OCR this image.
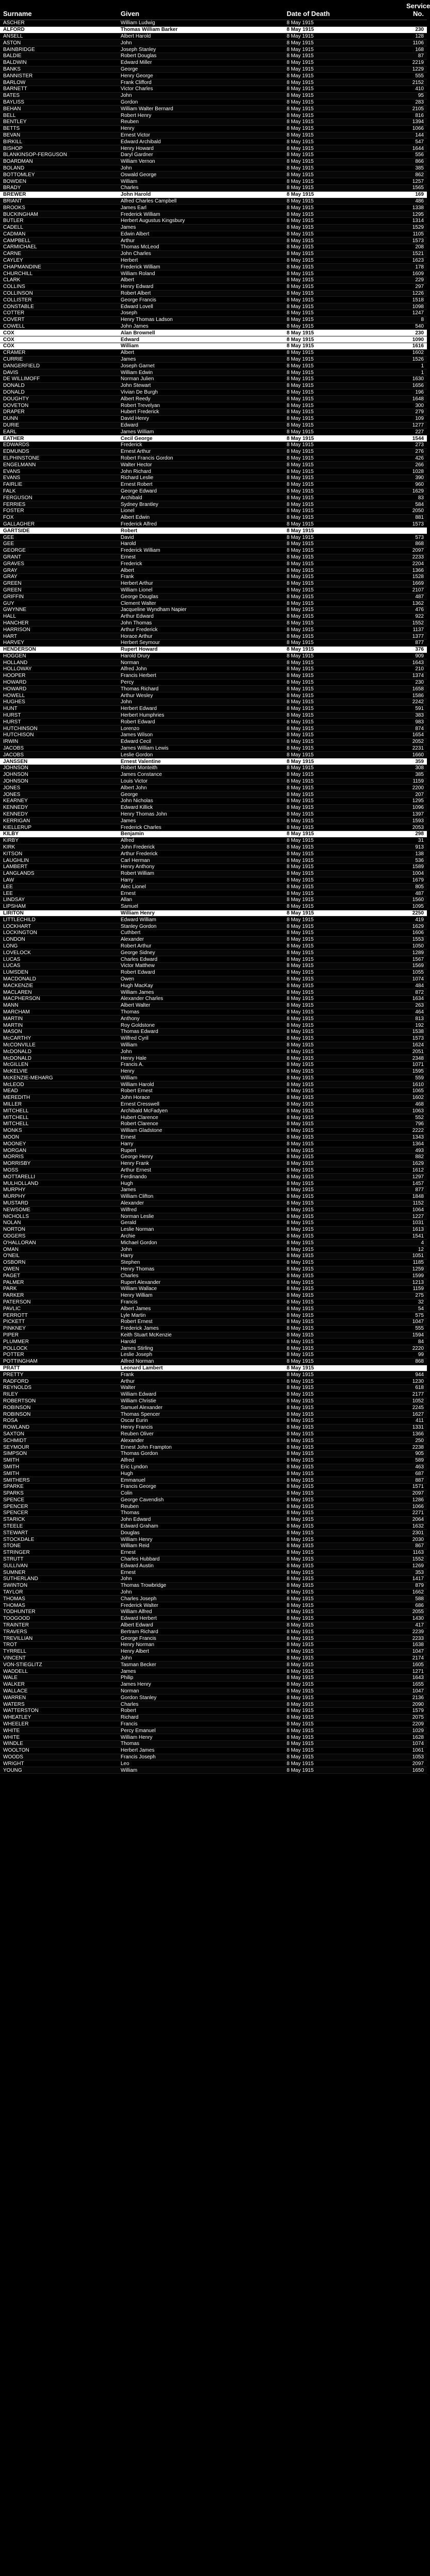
Surname	Given	Date of Death
Service
No.
ASCHER	William Ludwig	8 May 1915	
ALFORD	Thomas William Barker	8 May 1915	230
ANSELL	Albert Harold	8 May 1915	128
ASTON	John	8 May 1915	1106
BAINBRIDGE	Joseph Stanley	8 May 1915	168
BALDIE	Robert Douglas	8 May 1915	87
BALDWIN	Edward Miller	8 May 1915	2219
BANKS	George	8 May 1915	1229
BANNISTER	Henry George	8 May 1915	555
BARLOW	Frank Clifford	8 May 1915	2152
BARNETT	Victor Charles	8 May 1915	410
BATES	John	8 May 1915	95
BAYLISS	Gordon	8 May 1915	283
BEHAN	William Walter Bernard	8 May 1915	2105
BELL	Robert Henry	8 May 1915	816
BENTLEY	Reuben	8 May 1915	1394
BETTS	Henry	8 May 1915	1066
BEVAN	Ernest Victor	8 May 1915	144
BIRKILL	Edward Archibald	8 May 1915	547
BISHOP	Henry Howard	8 May 1915	1644
BLANKINSOP-FERGUSON	Daryl Gardner	8 May 1915	556
BOARDMAN	William Vernon	8 May 1915	866
BOLAND	John	8 May 1915	385
BOTTOMLEY	Oswald George	8 May 1915	862
BOWDEN	William	8 May 1915	1257
BRADY	Charles	8 May 1915	1565
BREWER	John Harold	8 May 1915	169
BRIANT	Alfred Charles Campbell	8 May 1915	486
BROOKS	James Earl	8 May 1915	1338
BUCKINGHAM	Frederick William	8 May 1915	1295
BUTLER	Herbert Augustus Kingsbury	8 May 1915	1314
CADELL	James	8 May 1915	1529
CADMAN	Edwin Albert	8 May 1915	1105
CAMPBELL	Arthur	8 May 1915	1573
CARMICHAEL	Thomas McLeod	8 May 1915	208
CARNE	John Charles	8 May 1915	1521
CAYLEY	Herbert	8 May 1915	1623
CHAPMANDINE	Frederick William	8 May 1915	178
CHURCHILL	William Roland	8 May 1915	1609
CLARK	Albert	8 May 1915	229
COLLINS	Henry Edward	8 May 1915	297
COLLINSON	Robert Albert	8 May 1915	1226
COLLISTER	George Francis	8 May 1915	1518
CONSTABLE	Edward Lovell	8 May 1915	1098
COTTER	Joseph	8 May 1915	1247
COVERT	Henry Thomas Ladson	8 May 1915	8
COWELL	John James	8 May 1915	540
COX	Alan Brownell	8 May 1915	230
COX	Edward	8 May 1915	1090
COX	William	8 May 1915	1616
CRAMER	Albert	8 May 1915	1602
CURRIE	James	8 May 1915	1526
DANGERFIELD	Joseph Garnet	8 May 1915	1
DAVIS	William Edwin	8 May 1915	1
DE WILLIMOFF	Norman Julien	8 May 1915	1630
DONALD	John Stewart	8 May 1915	1656
DONALD	Vivian De Burgh	8 May 1915	196
DOUGHTY	Albert Reedy	8 May 1915	1648
DOVETON	Robert Trevelyan	8 May 1915	300
DRAPER	Hubert Frederick	8 May 1915	279
DUNN	David Henry	8 May 1915	109
DURIE	Edward	8 May 1915	1277
EARL	James William	8 May 1915	227
EATHER	Cecil George	8 May 1915	1544
EDWARDS	Frederick	8 May 1915	273
EDMUNDS	Ernest Arthur	8 May 1915	276
ELPHINSTONE	Robert Francis Gordon	8 May 1915	426
ENGELMANN	Walter Hector	8 May 1915	266
EVANS	John Richard	8 May 1915	1028
EVANS	Richard Leslie	8 May 1915	390
FAIRLIE	Ernest Robert	8 May 1915	960
FALK	George Edward	8 May 1915	1629
FERGUSON	Archibald	8 May 1915	83
FERRIES	Sydney Brantley	8 May 1915	584
FOSTER	Lionel	8 May 1915	2050
FOX	Albert Edwin	8 May 1915	881
GALLAGHER	Frederick Alfred	8 May 1915	1573
GARTSIDE	Robert	8 May 1915	
GEE	David	8 May 1915	573
GEE	Harold	8 May 1915	868
GEORGE	Frederick William	8 May 1915	2097
GRANT	Ernest	8 May 1915	2233
GRAVES	Frederick	8 May 1915	2204
GRAY	Albert	8 May 1915	1366
GRAY	Frank	8 May 1915	1528
GREEN	Herbert Arthur	8 May 1915	1669
GREEN	William Lionel	8 May 1915	2107
GRIFFIN	George Douglas	8 May 1915	487
GUY	Clement Walter	8 May 1915	1362
GWYNNE	Jacqueline Wyndham Napier	8 May 1915	476
HALL	Arthur Edward	8 May 1915	922
HANCHER	John Thomas	8 May 1915	1552
HARRISON	Arthur Frederick	8 May 1915	1137
HART	Horace Arthur	8 May 1915	1377
HARVEY	Herbert Seymour	8 May 1915	877
HENDERSON	Rupert Howard	8 May 1915	376
HOGGEN	Harold Drury	8 May 1915	909
HOLLAND	Norman	8 May 1915	1643
HOLLOWAY	Alfred John	8 May 1915	210
HOOPER	Francis Herbert	8 May 1915	1374
HOWARD	Percy	8 May 1915	230
HOWARD	Thomas Richard	8 May 1915	1658
HOWELL	Arthur Wesley	8 May 1915	1586
HUGHES	John	8 May 1915	2242
HUNT	Herbert Edward	8 May 1915	591
HURST	Herbert Humphries	8 May 1915	383
HURST	Robert Edward	8 May 1915	983
HUTCHINSON	Lorenzo	8 May 1915	874
HUTCHISON	James Wilson	8 May 1915	1654
IRWIN	Edward Cecil	8 May 1915	2052
JACOBS	James William Lewis	8 May 1915	2231
JACOBS	Leslie Gordon	8 May 1915	1660
JANSSEN	Ernest Valentine	8 May 1915	359
JOHNSON	Robert Monteith	8 May 1915	308
JOHNSON	James Constance	8 May 1915	385
JOHNSON	Louis Victor	8 May 1915	1159
JONES	Albert John	8 May 1915	2200
JONES	George	8 May 1915	207
KEARNEY	John Nicholas	8 May 1915	1295
KENNEDY	Edward Killick	8 May 1915	1096
KENNEDY	Henry Thomas John	8 May 1915	1397
KERRIGAN	James	8 May 1915	1593
KIELLERUP	Frederick Charles	8 May 1915	2053
KILBY	Benjamin	8 May 1915	298
KIRBY	Alfred	8 May 1915	31
KIRK	John Frederick	8 May 1915	913
KITSON	Arthur Frederick	8 May 1915	138
LAUGHLIN	Carl Herman	8 May 1915	536
LAMBERT	Henry Anthony	8 May 1915	1589
LANGLANDS	Robert William	8 May 1915	1004
LAW	Harry	8 May 1915	1679
LEE	Alec Lionel	8 May 1915	805
LEE	Ernest	8 May 1915	487
LINDSAY	Allan	8 May 1915	1560
LIPSHAM	Samuel	8 May 1915	1095
LIRITON	William Henry	8 May 1915	2250
LITTLECHILD	Edward William	8 May 1915	419
LOCKHART	Stanley Gordon	8 May 1915	1629
LOCKINGTON	Cuthbert	8 May 1915	1606
LONDON	Alexander	8 May 1915	1553
LONG	Robert Arthur	8 May 1915	1050
LOVELOCK	George Sidney	8 May 1915	1289
LUCAS	Charles Edward	8 May 1915	1567
LUCAS	Victor Matthew	8 May 1915	1569
LUMSDEN	Robert Edward	8 May 1915	1055
MACDONALD	Owen	8 May 1915	1074
MACKENZIE	Hugh MacKay	8 May 1915	484
MACLAREN	William James	8 May 1915	872
MACPHERSON	Alexander Charles	8 May 1915	1634
MANN	Albert Walter	8 May 1915	263
MARCHAM	Thomas	8 May 1915	464
MARTIN	Anthony	8 May 1915	813
MARTIN	Roy Goldstone	8 May 1915	192
MASON	Thomas Edward	8 May 1915	1538
McCARTHY	Wilfred Cyril	8 May 1915	1573
McCONVILLE	William	8 May 1915	1624
McDONALD	John	8 May 1915	2051
McDONALD	Henry Hale	8 May 1915	2348
McGILLEN	Francis A.	8 May 1915	1071
McKELVIE	Henry	8 May 1915	1595
McKENZIE-MEHARG	William	8 May 1915	559
McLEOD	William Harold	8 May 1915	1610
MEAD	Robert Ernest	8 May 1915	1065
MEREDITH	John Horace	8 May 1915	1602
MILLER	Ernest Cresswell	8 May 1915	468
MITCHELL	Archibald McFadyen	8 May 1915	1063
MITCHELL	Hubert Clarence	8 May 1915	552
MITCHELL	Robert Clarence	8 May 1915	796
MONKS	William Gladstone	8 May 1915	2222
MOON	Ernest	8 May 1915	1343
MOONEY	Harry	8 May 1915	1364
MORGAN	Rupert	8 May 1915	493
MORRIS	George Henry	8 May 1915	882
MORRISBY	Henry Frank	8 May 1915	1629
MOSS	Arthur Ernest	8 May 1915	1612
MOTTARELLI	Ferdinando	8 May 1915	1297
MULHOLLAND	Hugh	8 May 1915	1457
MURPHY	James	8 May 1915	877
MURPHY	William Clifton	8 May 1915	1848
MUSTARD	Alexander	8 May 1915	1152
NEWSOME	Wilfred	8 May 1915	1064
NICHOLLS	Norman Leslie	8 May 1915	1227
NOLAN	Gerald	8 May 1915	1031
NORTON	Leslie Norman	8 May 1915	1613
ODGERS	Archie	8 May 1915	1541
O'HALLORAN	Michael Gordon	8 May 1915	4
OMAN	John	8 May 1915	12
O'NEIL	Harry	8 May 1915	1051
OSBORN	Stephen	8 May 1915	1185
OWEN	Henry Thomas	8 May 1915	1259
PAGET	Charles	8 May 1915	1599
PALMER	Rupert Alexander	8 May 1915	1213
PARK	William Wallace	8 May 1915	1159
PARKER	Henry William	8 May 1915	275
PATERSON	Francis	8 May 1915	32
PAVLIC	Albert James	8 May 1915	54
PERROTT	Lyle Martin	8 May 1915	575
PICKETT	Robert Ernest	8 May 1915	1047
PINKNEY	Frederick James	8 May 1915	555
PIPER	Keith Stuart McKenzie	8 May 1915	1594
PLUMMER	Harold	8 May 1915	84
POLLOCK	James Stirling	8 May 1915	2220
POTTER	Leslie Joseph	8 May 1915	99
POTTINGHAM	Alfred Norman	8 May 1915	868
PRATT	Leonard Lambert	8 May 1915	
PRETTY	Frank	8 May 1915	944
RADFORD	Arthur	8 May 1915	1230
REYNOLDS	Walter	8 May 1915	618
RILEY	William Edward	8 May 1915	2177
ROBERTSON	William Christie	8 May 1915	1052
ROBINSON	Samuel Alexander	8 May 1915	2245
ROBINSON	Thomas Spencer	8 May 1915	1627
ROSA	Oscar Eurin	8 May 1915	411
ROWLAND	Henry Francis	8 May 1915	1331
SAXTON	Reuben Oliver	8 May 1915	1366
SCHMIDT	Alexander	8 May 1915	250
SEYMOUR	Ernest John Frampton	8 May 1915	2238
SIMPSON	Thomas Gordon	8 May 1915	905
SMITH	Alfred	8 May 1915	589
SMITH	Eric Lyndon	8 May 1915	463
SMITH	Hugh	8 May 1915	687
SMITHERS	Emmanuel	8 May 1915	887
SPARKE	Francis George	8 May 1915	1571
SPARKS	Colin	8 May 1915	2097
SPENCE	George Cavendish	8 May 1915	1286
SPENCER	Reuben	8 May 1915	1066
SPENCER	Thomas	8 May 1915	2271
STARICK	John Edward	8 May 1915	2064
STEELE	Edward Graham	8 May 1915	1632
STEWART	Douglas	8 May 1915	2301
STOCKDALE	William Henry	8 May 1915	2030
STONE	William Reid	8 May 1915	867
STRINGER	Ernest	8 May 1915	1163
STRUTT	Charles Hubbard	8 May 1915	1552
SULLIVAN	Edward Austin	8 May 1915	1269
SUMNER	Ernest	8 May 1915	353
SUTHERLAND	John	8 May 1915	1417
SWINTON	Thomas Trowbridge	8 May 1915	879
TAYLOR	John	8 May 1915	1662
THOMAS	Charles Joseph	8 May 1915	588
THOMAS	Frederick Walter	8 May 1915	686
TODHUNTER	William Alfred	8 May 1915	2055
TOOGOOD	Edward Herbert	8 May 1915	1430
TRAINTER	Albert Edward	8 May 1915	417
TRAVERS	Bertram Richard	8 May 1915	2239
TREVILLIAN	George Francis	8 May 1915	2233
TROT	Henry Norman	8 May 1915	1638
TYRRELL	Henry Albert	8 May 1915	1047
VINCENT	John	8 May 1915	2174
VON-STIEGLITZ	Tasman Becker	8 May 1915	1605
WADDELL	James	8 May 1915	1271
WALE	Philip	8 May 1915	1643
WALKER	James Henry	8 May 1915	1655
WALLACE	Norman	8 May 1915	1047
WARREN	Gordon Stanley	8 May 1915	2136
WATERS	Charles	8 May 1915	2090
WATTERSTON	Robert	8 May 1915	1579
WHEATLEY	Richard	8 May 1915	2075
WHEELER	Francis	8 May 1915	2209
WHITE	Percy Emanuel	8 May 1915	1029
WHITE	William Henry	8 May 1915	1628
WINDLE	Thomas	8 May 1915	1074
WOOLTON	Herbert James	8 May 1915	1061
WOODS	Francis Joseph	8 May 1915	1053
WRIGHT	Leo	8 May 1915	2097
YOUNG	William	8 May 1915	1650
